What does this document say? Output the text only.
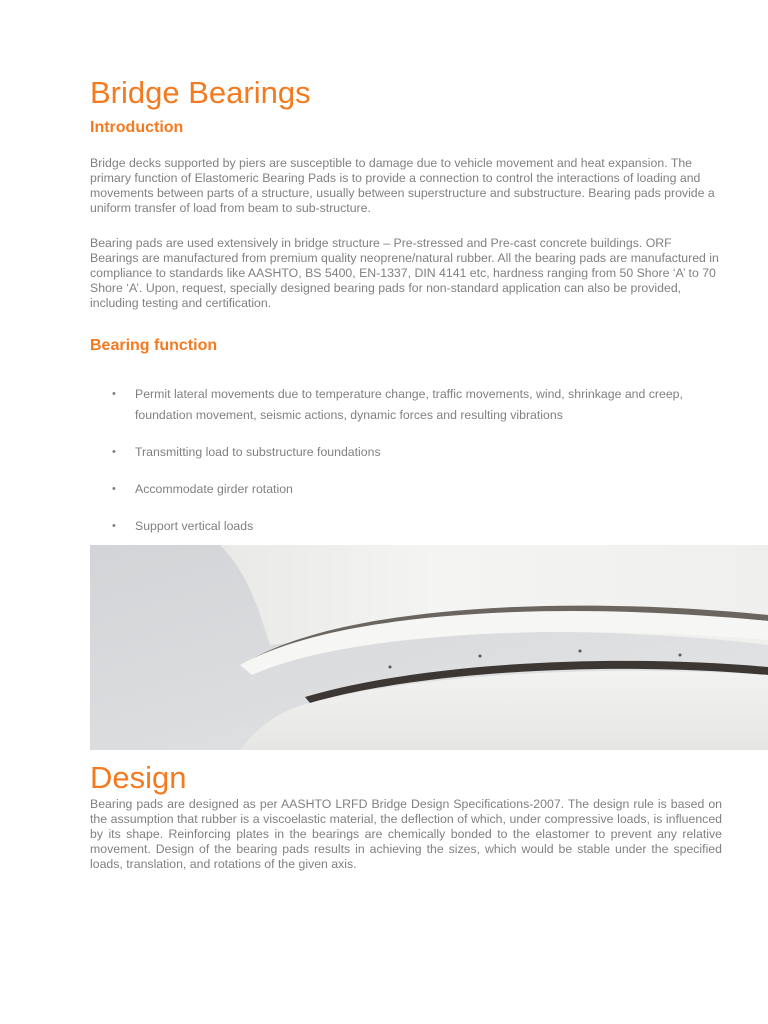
Bridge Bearings
Introduction

Bridge decks supported by piers are susceptible to damage due to vehicle movement and heat expansion. The primary function of Elastomeric Bearing Pads is to provide a connection to control the interactions of loading and movements between parts of a structure, usually between superstructure and substructure. Bearing pads provide a uniform transfer of load from beam to sub-structure.

Bearing pads are used extensively in bridge structure – Pre-stressed and Pre-cast concrete buildings. ORF Bearings are manufactured from premium quality neoprene/natural rubber. All the bearing pads are manufactured in compliance to standards like AASHTO, BS 5400, EN-1337, DIN 4141 etc, hardness ranging from 50 Shore ‘A’ to 70 Shore ‘A’. Upon, request, specially designed bearing pads for non-standard application can also be provided, including testing and certification.

Bearing function
• Permit lateral movements due to temperature change, traffic movements, wind, shrinkage and creep, foundation movement, seismic actions, dynamic forces and resulting vibrations
• Transmitting load to substructure foundations
• Accommodate girder rotation
• Support vertical loads
Design

Bearing pads are designed as per AASHTO LRFD Bridge Design Specifications-2007. The design rule is based on the assumption that rubber is a viscoelastic material, the deflection of which, under compressive loads, is influenced by its shape. Reinforcing plates in the bearings are chemically bonded to the elastomer to prevent any relative movement. Design of the bearing pads results in achieving the sizes, which would be stable under the specified loads, translation, and rotations of the given axis.
